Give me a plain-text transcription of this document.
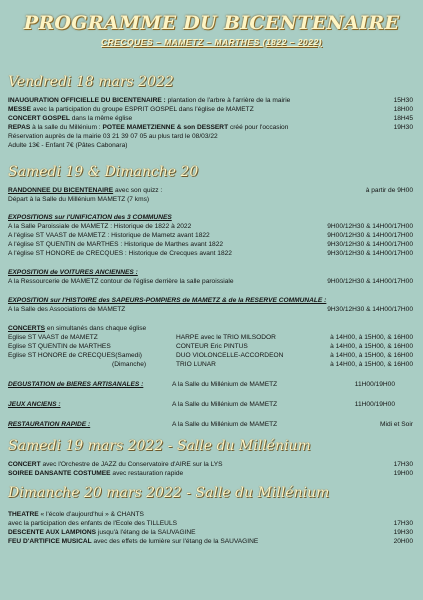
PROGRAMME DU BICENTENAIRE
CRECQUES – MAMETZ – MARTHES (1822 – 2022)
Vendredi 18 mars 2022
INAUGURATION OFFICIELLE DU BICENTENAIRE : plantation de l'arbre à l'arrière de la mairie	15H30
MESSE avec la participation du groupe ESPRIT GOSPEL dans l'église de MAMETZ	18H00
CONCERT GOSPEL dans la même église	18H45
REPAS à la salle du Millénium : POTEE MAMETZIENNE & son DESSERT créé pour l'occasion	19H30
Réservation auprès de la mairie 03 21 39 07 05 au plus tard le 08/03/22
Adulte 13€ - Enfant 7€ (Pâtes Cabonara)
Samedi 19 & Dimanche 20
RANDONNEE DU BICENTENAIRE avec son quizz :	à partir de 9H00
Départ à la Salle du Millénium MAMETZ (7 kms)
EXPOSITIONS sur l'UNIFICATION des 3 COMMUNES
A la Salle Paroissiale de MAMETZ : Historique de 1822 à 2022	9H00/12H30 & 14H00/17H00
A l'église ST VAAST de MAMETZ : Historique de Mametz avant 1822	9H00/12H30 & 14H00/17H00
A l'église ST QUENTIN de MARTHES : Historique de Marthes avant 1822	9H30/12H30 & 14H00/17H00
A l'église ST HONORE de CRECQUES : Historique de Crecques avant 1822	9H30/12H30 & 14H00/17H00
EXPOSITION de VOITURES ANCIENNES :
A la Ressourcerie de MAMETZ contour de l'église derrière la salle paroissiale	9H00/12H30 & 14H00/17H00
EXPOSITION sur l'HISTOIRE des SAPEURS-POMPIERS de MAMETZ & de la RESERVE COMMUNALE :
A la Salle des Associations de MAMETZ	9H30/12H30 & 14H00/17H00
CONCERTS en simultanés dans chaque église
Eglise ST VAAST de MAMETZ	HARPE avec le TRIO MILSODOR	à 14H00, à 15H00, & 16H00
Eglise ST QUENTIN de MARTHES	CONTEUR Eric PINTUS	à 14H00, à 15H00, & 16H00
Eglise ST HONORE de CRECQUES(Samedi)	DUO VIOLONCELLE-ACCORDEON	à 14H00, à 15H00, & 16H00
(Dimanche)	TRIO LUNAR	à 14H00, à 15H00, & 16H00
DEGUSTATION de BIERES ARTISANALES :	A la Salle du Millénium de MAMETZ	11H00/19H00
JEUX ANCIENS :	A la Salle du Millénium de MAMETZ	11H00/19H00
RESTAURATION RAPIDE :	A la Salle du Millénium de MAMETZ	Midi et Soir
Samedi 19 mars 2022 - Salle du Millénium
CONCERT avec l'Orchestre de JAZZ du Conservatoire d'AIRE sur la LYS	17H30
SOIREE DANSANTE COSTUMEE avec restauration rapide	19H00
Dimanche 20 mars 2022 - Salle du Millénium
THEATRE « l'école d'aujourd'hui » & CHANTS
avec la participation des enfants de l'Ecole des TILLEULS	17H30
DESCENTE AUX LAMPIONS jusqu'à l'étang de la SAUVAGINE	19H30
FEU D'ARTIFICE MUSICAL avec des effets de lumière sur l'étang de la SAUVAGINE	20H00
